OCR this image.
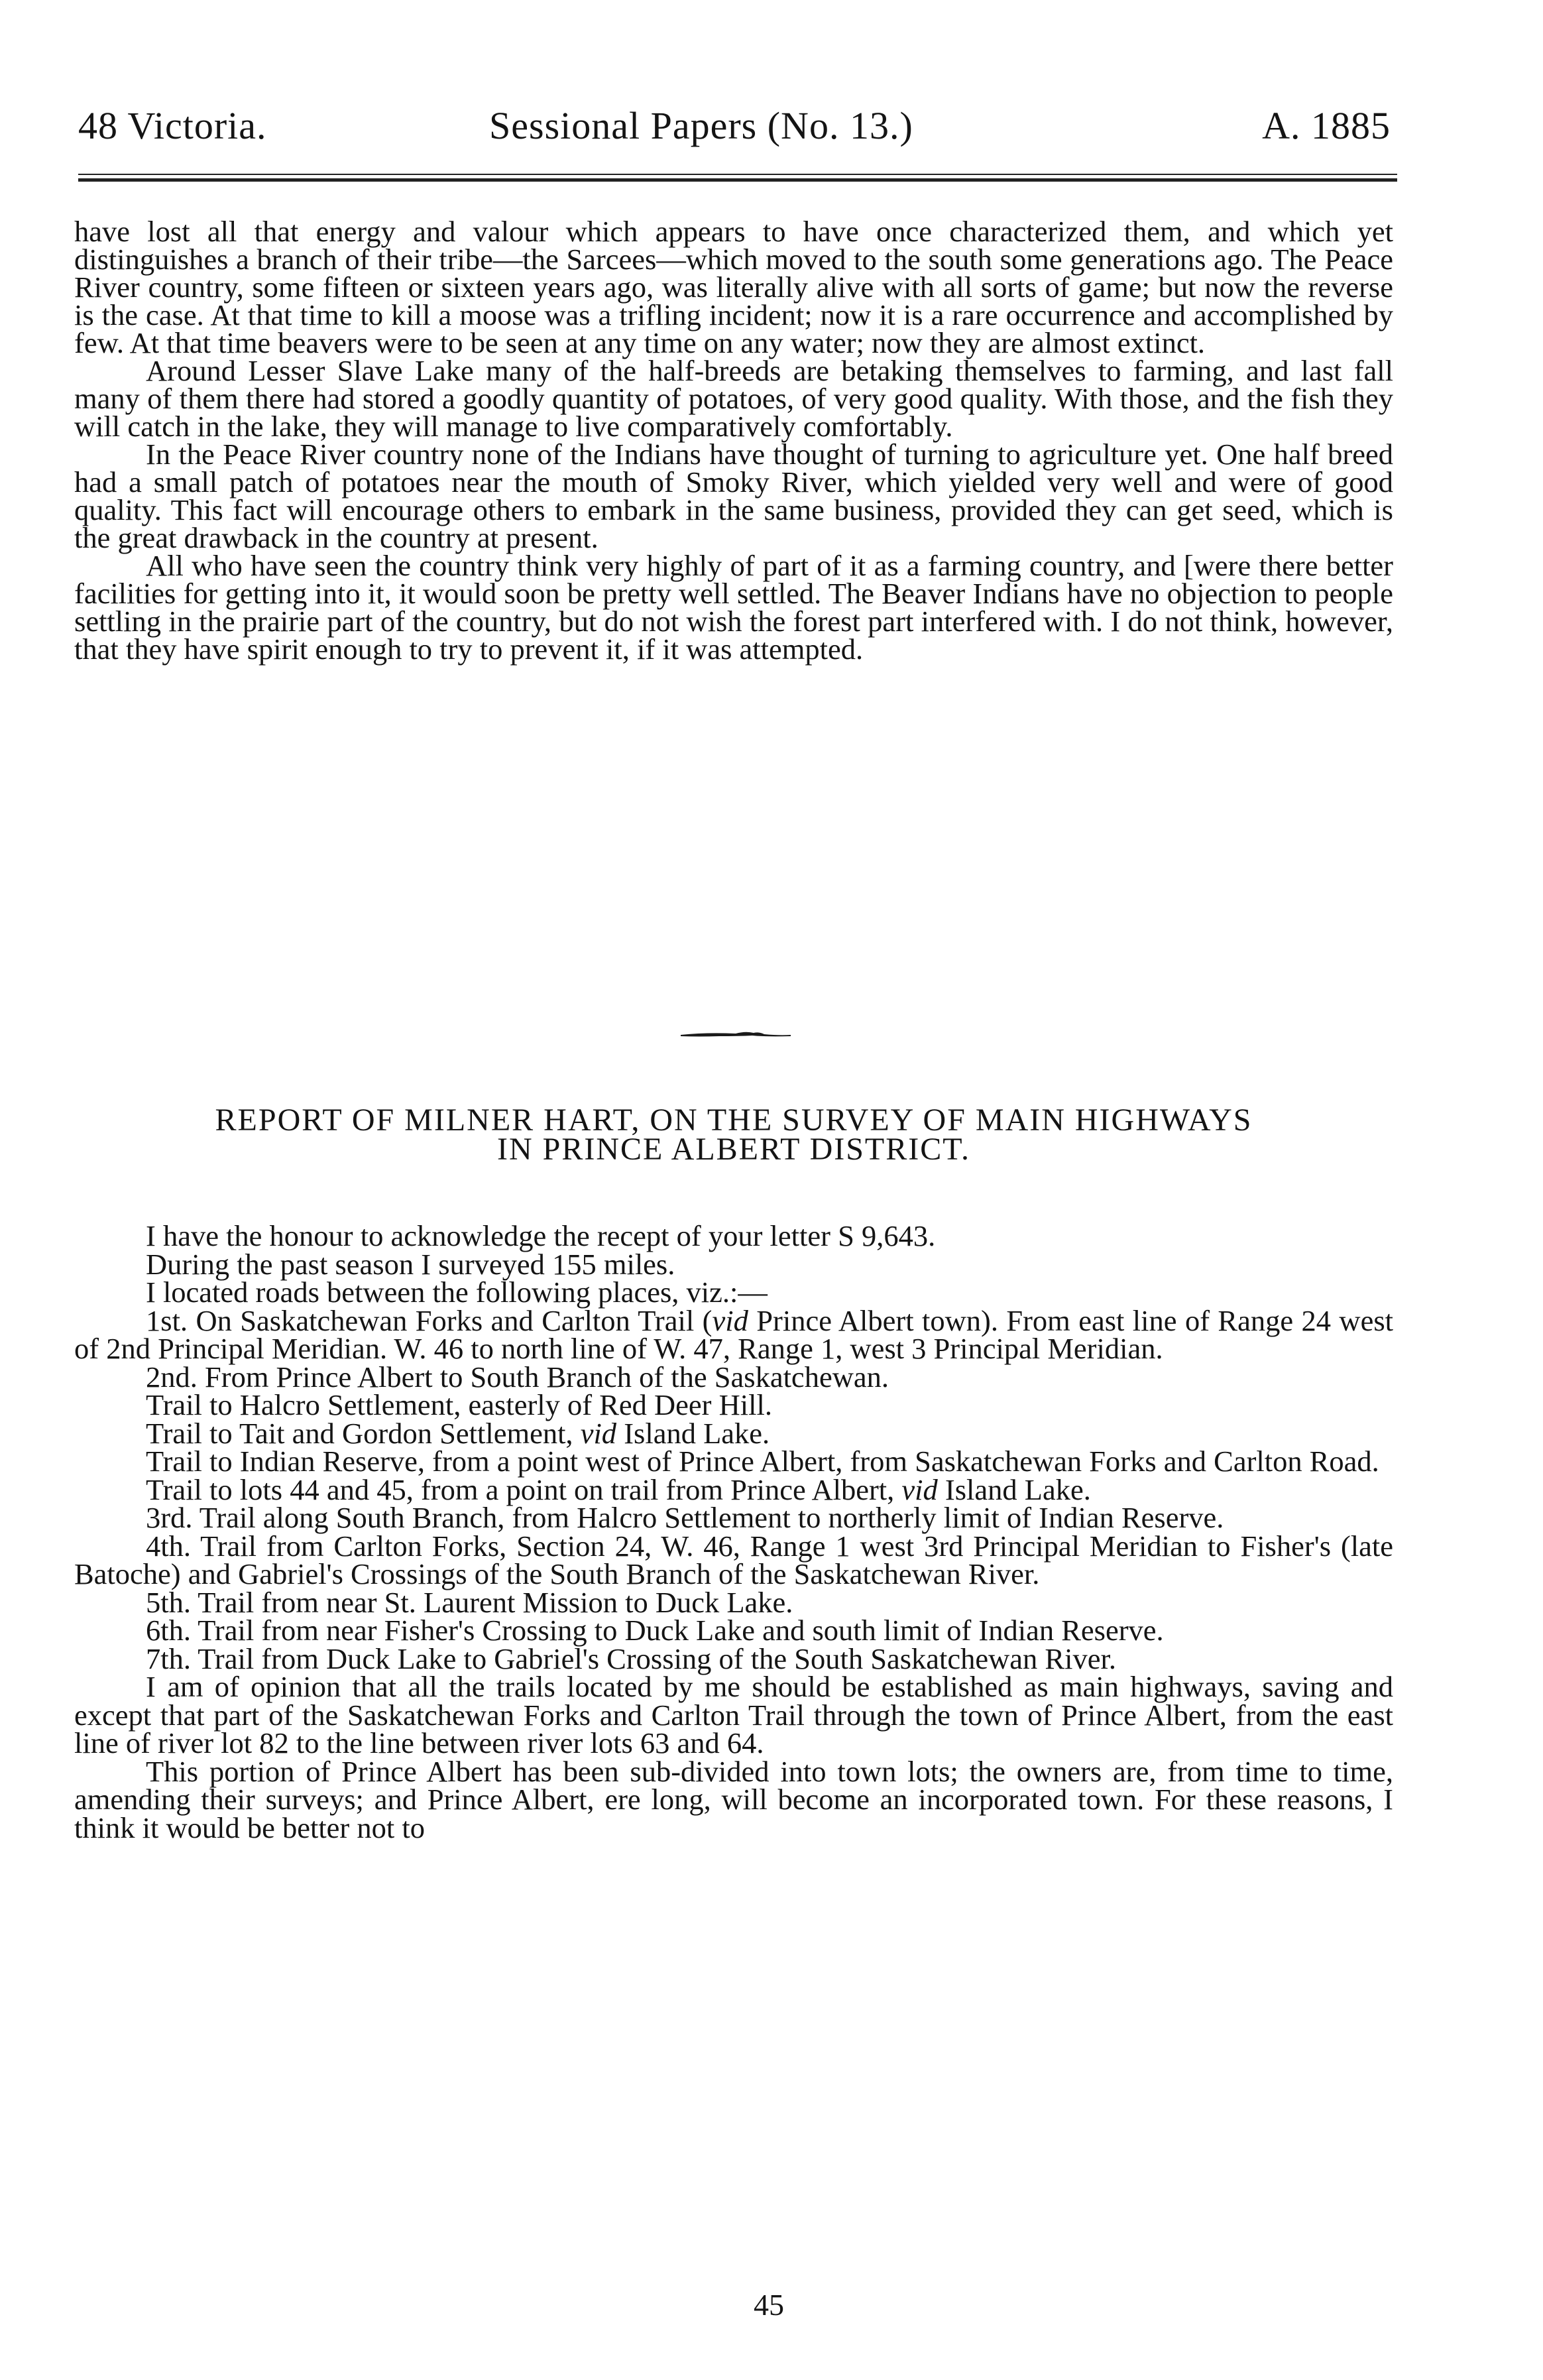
48 Victoria.	Sessional Papers (No. 13.)	A. 1885

have lost all that energy and valour which appears to have once characterized them, and which yet distinguishes a branch of their tribe—the Sarcees—which moved to the south some generations ago. The Peace River country, some fifteen or sixteen years ago, was literally alive with all sorts of game; but now the reverse is the case. At that time to kill a moose was a trifling incident; now it is a rare occurrence and accomplished by few. At that time beavers were to be seen at any time on any water; now they are almost extinct.

Around Lesser Slave Lake many of the half-breeds are betaking themselves to farming, and last fall many of them there had stored a goodly quantity of potatoes, of very good quality. With those, and the fish they will catch in the lake, they will manage to live comparatively comfortably.

In the Peace River country none of the Indians have thought of turning to agriculture yet. One half breed had a small patch of potatoes near the mouth of Smoky River, which yielded very well and were of good quality. This fact will encourage others to embark in the same business, provided they can get seed, which is the great drawback in the country at present.

All who have seen the country think very highly of part of it as a farming country, and [were there better facilities for getting into it, it would soon be pretty well settled. The Beaver Indians have no objection to people settling in the prairie part of the country, but do not wish the forest part interfered with. I do not think, however, that they have spirit enough to try to prevent it, if it was attempted.

REPORT OF MILNER HART, ON THE SURVEY OF MAIN HIGHWAYS
IN PRINCE ALBERT DISTRICT.

I have the honour to acknowledge the recept of your letter S 9,643.

During the past season I surveyed 155 miles.

I located roads between the following places, viz.:—

1st. On Saskatchewan Forks and Carlton Trail (vid Prince Albert town). From east line of Range 24 west of 2nd Principal Meridian. W. 46 to north line of W. 47, Range 1, west 3 Principal Meridian.

2nd. From Prince Albert to South Branch of the Saskatchewan.

Trail to Halcro Settlement, easterly of Red Deer Hill.

Trail to Tait and Gordon Settlement, vid Island Lake.

Trail to Indian Reserve, from a point west of Prince Albert, from Saskatchewan Forks and Carlton Road.

Trail to lots 44 and 45, from a point on trail from Prince Albert, vid Island Lake.

3rd. Trail along South Branch, from Halcro Settlement to northerly limit of Indian Reserve.

4th. Trail from Carlton Forks, Section 24, W. 46, Range 1 west 3rd Principal Meridian to Fisher's (late Batoche) and Gabriel's Crossings of the South Branch of the Saskatchewan River.

5th. Trail from near St. Laurent Mission to Duck Lake.

6th. Trail from near Fisher's Crossing to Duck Lake and south limit of Indian Reserve.

7th. Trail from Duck Lake to Gabriel's Crossing of the South Saskatchewan River.

I am of opinion that all the trails located by me should be established as main highways, saving and except that part of the Saskatchewan Forks and Carlton Trail through the town of Prince Albert, from the east line of river lot 82 to the line between river lots 63 and 64.

This portion of Prince Albert has been sub-divided into town lots; the owners are, from time to time, amending their surveys; and Prince Albert, ere long, will become an incorporated town. For these reasons, I think it would be better not to

45
